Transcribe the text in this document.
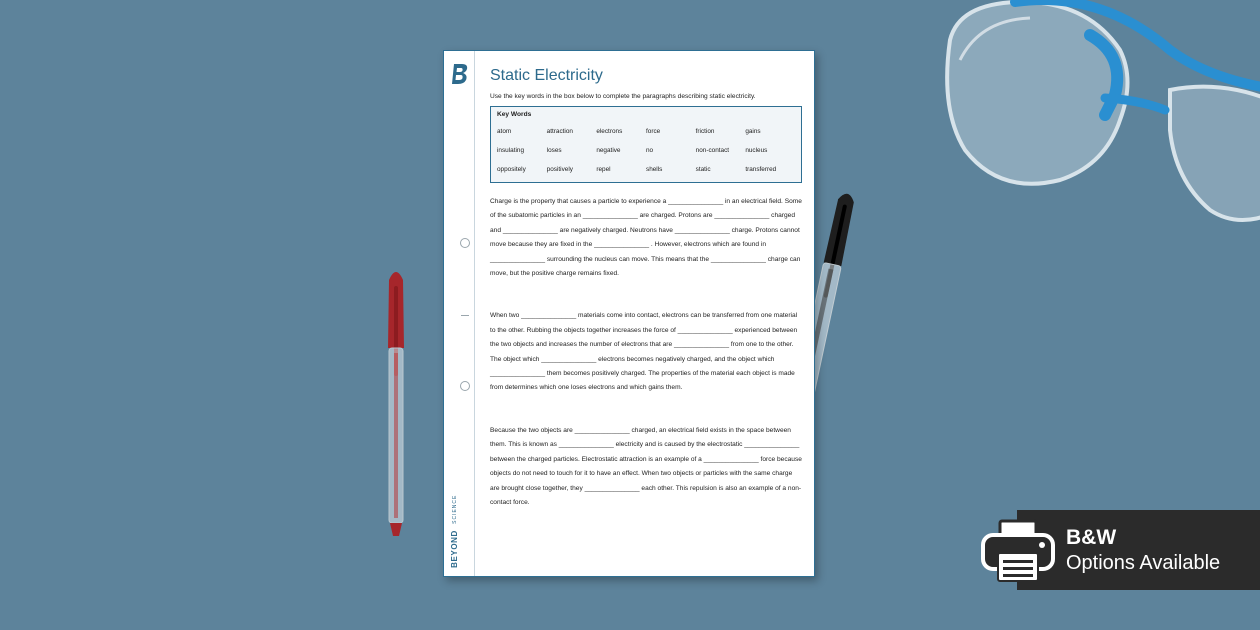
BEYOND SCIENCE
Static Electricity
Use the key words in the box below to complete the paragraphs describing static electricity.
Key Words
atom	attraction	electrons	force	friction	gains
insulating	loses	negative	no	non-contact	nucleus
oppositely	positively	repel	shells	static	transferred

Charge is the property that causes a particle to experience a _______________ in an electrical field. Some of the subatomic particles in an _______________ are charged. Protons are _______________ charged and _______________ are negatively charged. Neutrons have _______________ charge. Protons cannot move because they are fixed in the _______________ . However, electrons which are found in _______________ surrounding the nucleus can move. This means that the _______________ charge can move, but the positive charge remains fixed.

When two _______________ materials come into contact, electrons can be transferred from one material to the other. Rubbing the objects together increases the force of _______________ experienced between the two objects and increases the number of electrons that are _______________ from one to the other. The object which _______________ electrons becomes negatively charged, and the object which _______________ them becomes positively charged. The properties of the material each object is made from determines which one loses electrons and which gains them.

Because the two objects are _______________ charged, an electrical field exists in the space between them. This is known as _______________ electricity and is caused by the electrostatic _______________ between the charged particles. Electrostatic attraction is an example of a _______________ force because objects do not need to touch for it to have an effect. When two objects or particles with the same charge are brought close together, they _______________ each other. This repulsion is also an example of a non-contact force.

B&W
Options Available
